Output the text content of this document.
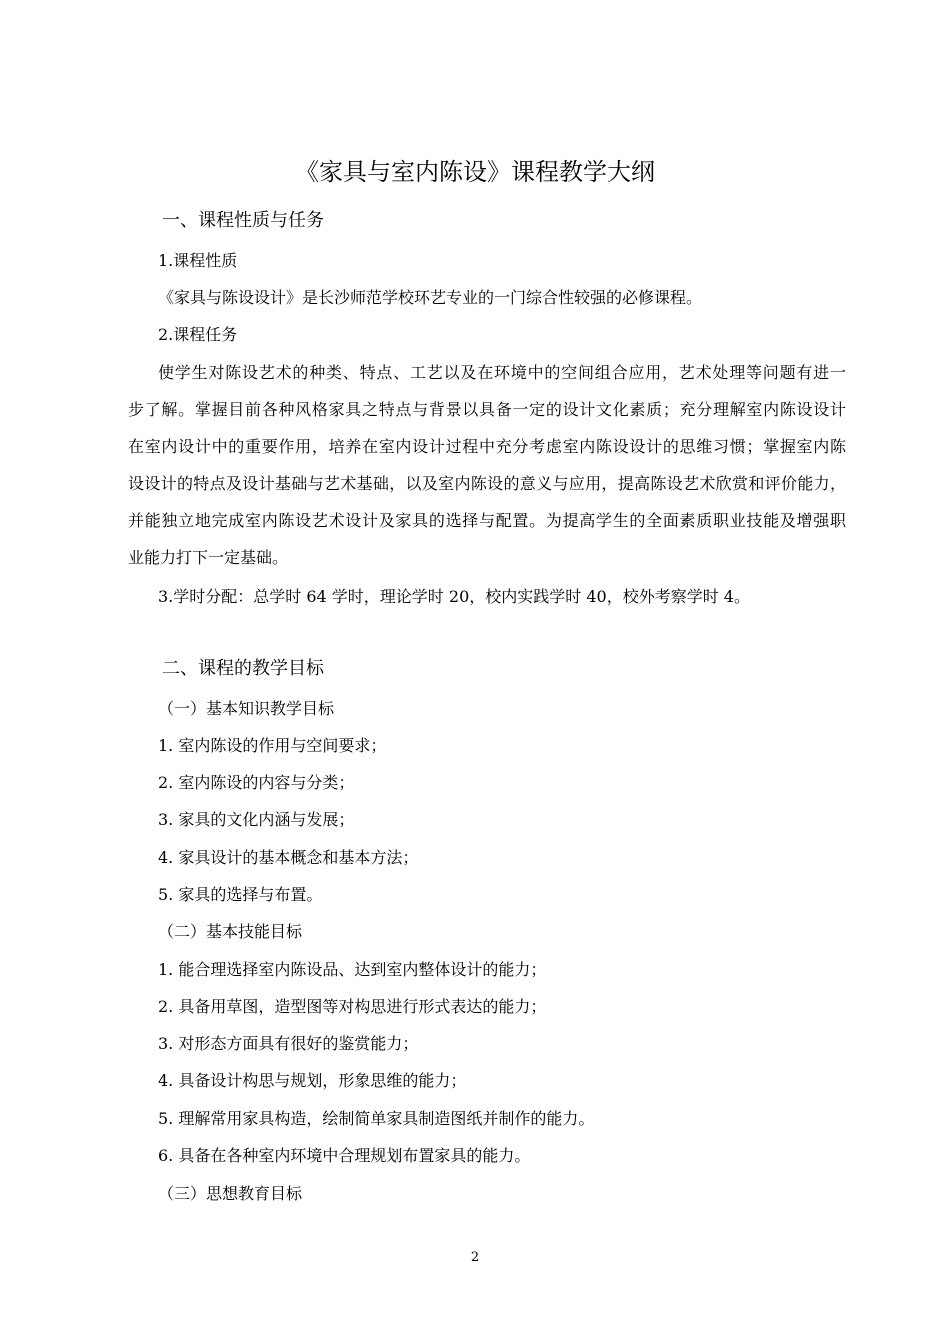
《家具与室内陈设》课程教学大纲
一、课程性质与任务
1.课程性质
《家具与陈设设计》是长沙师范学校环艺专业的一门综合性较强的必修课程。
2.课程任务
使学生对陈设艺术的种类、特点、工艺以及在环境中的空间组合应用，艺术处理等问题有进一
步了解。掌握目前各种风格家具之特点与背景以具备一定的设计文化素质；充分理解室内陈设设计
在室内设计中的重要作用，培养在室内设计过程中充分考虑室内陈设设计的思维习惯；掌握室内陈
设设计的特点及设计基础与艺术基础，以及室内陈设的意义与应用，提高陈设艺术欣赏和评价能力，
并能独立地完成室内陈设艺术设计及家具的选择与配置。为提高学生的全面素质职业技能及增强职
业能力打下一定基础。
3.学时分配：总学时 64 学时，理论学时 20，校内实践学时 40，校外考察学时 4。
二、课程的教学目标
（一）基本知识教学目标
1. 室内陈设的作用与空间要求；
2. 室内陈设的内容与分类；
3. 家具的文化内涵与发展；
4. 家具设计的基本概念和基本方法；
5. 家具的选择与布置。
（二）基本技能目标
1. 能合理选择室内陈设品、达到室内整体设计的能力；
2. 具备用草图，造型图等对构思进行形式表达的能力；
3. 对形态方面具有很好的鉴赏能力；
4. 具备设计构思与规划，形象思维的能力；
5. 理解常用家具构造，绘制简单家具制造图纸并制作的能力。
6. 具备在各种室内环境中合理规划布置家具的能力。
（三）思想教育目标
2
